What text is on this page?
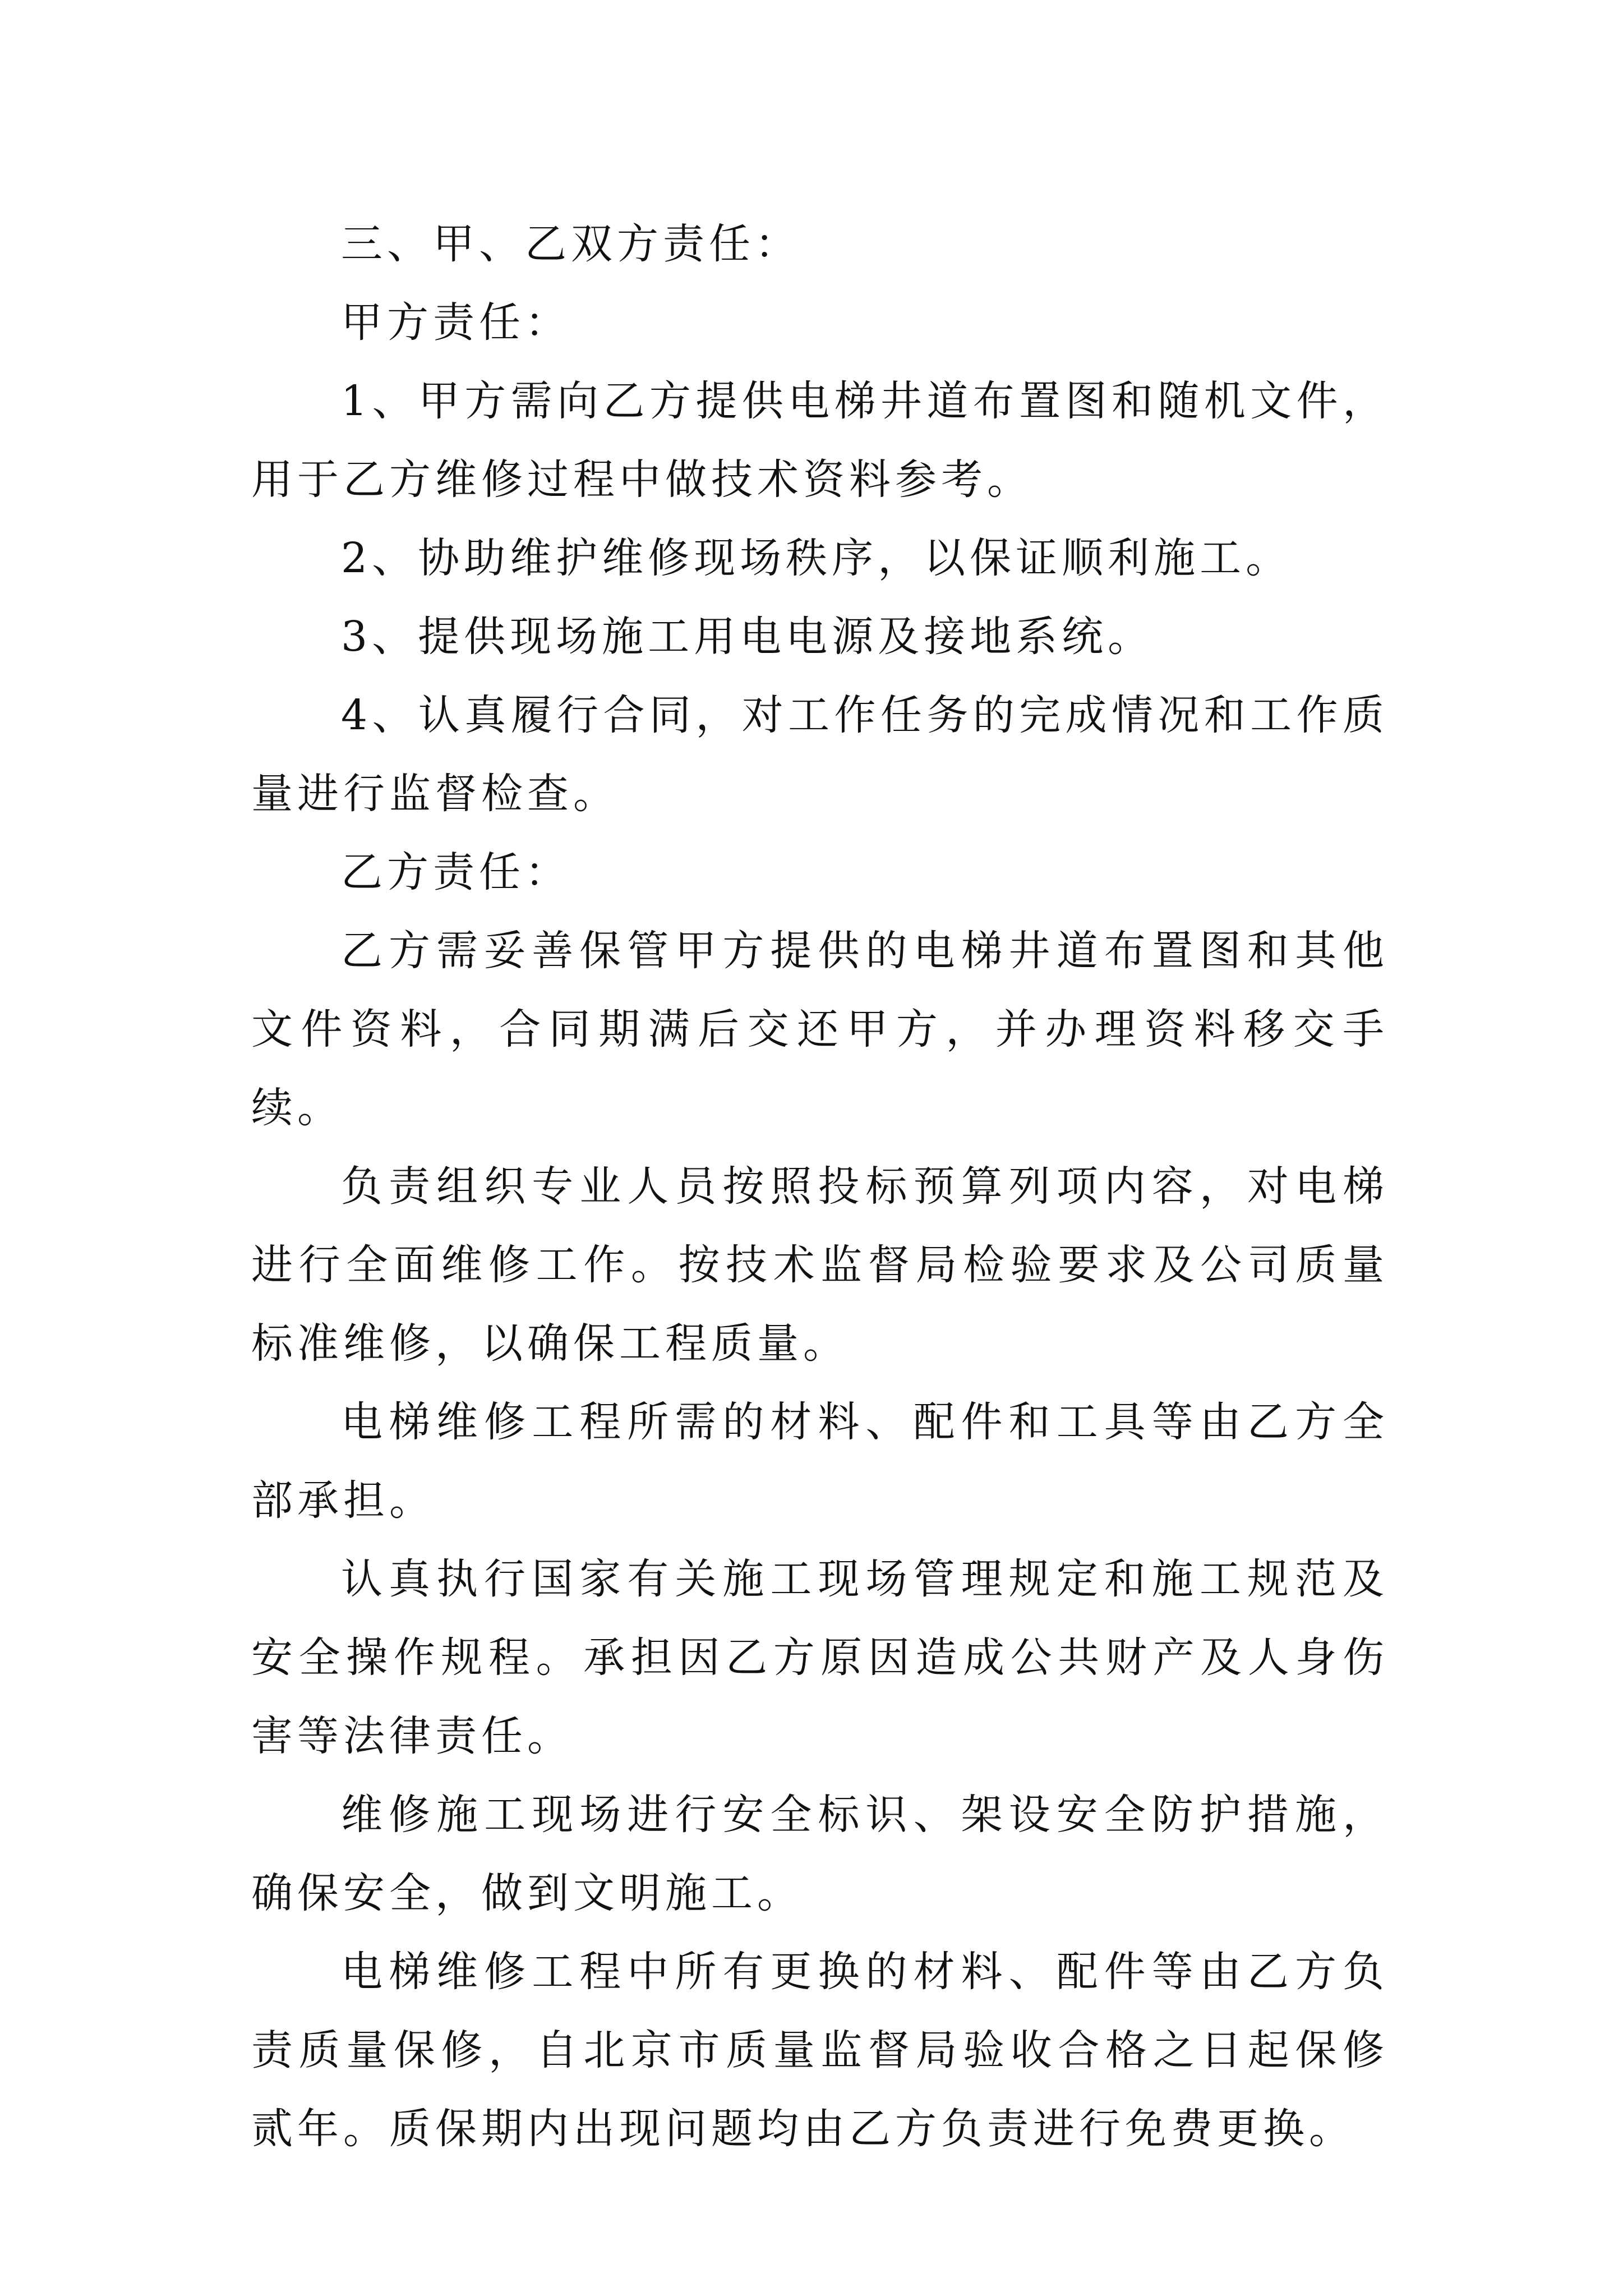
三、甲、乙双方责任：

甲方责任：

1、甲方需向乙方提供电梯井道布置图和随机文件，用于乙方维修过程中做技术资料参考。

2、协助维护维修现场秩序，以保证顺利施工。

3、提供现场施工用电电源及接地系统。

4、认真履行合同，对工作任务的完成情况和工作质量进行监督检查。

乙方责任：

乙方需妥善保管甲方提供的电梯井道布置图和其他文件资料，合同期满后交还甲方，并办理资料移交手续。

负责组织专业人员按照投标预算列项内容，对电梯进行全面维修工作。按技术监督局检验要求及公司质量标准维修，以确保工程质量。

电梯维修工程所需的材料、配件和工具等由乙方全部承担。

认真执行国家有关施工现场管理规定和施工规范及安全操作规程。承担因乙方原因造成公共财产及人身伤害等法律责任。

维修施工现场进行安全标识、架设安全防护措施，确保安全，做到文明施工。

电梯维修工程中所有更换的材料、配件等由乙方负责质量保修，自北京市质量监督局验收合格之日起保修贰年。质保期内出现问题均由乙方负责进行免费更换。
